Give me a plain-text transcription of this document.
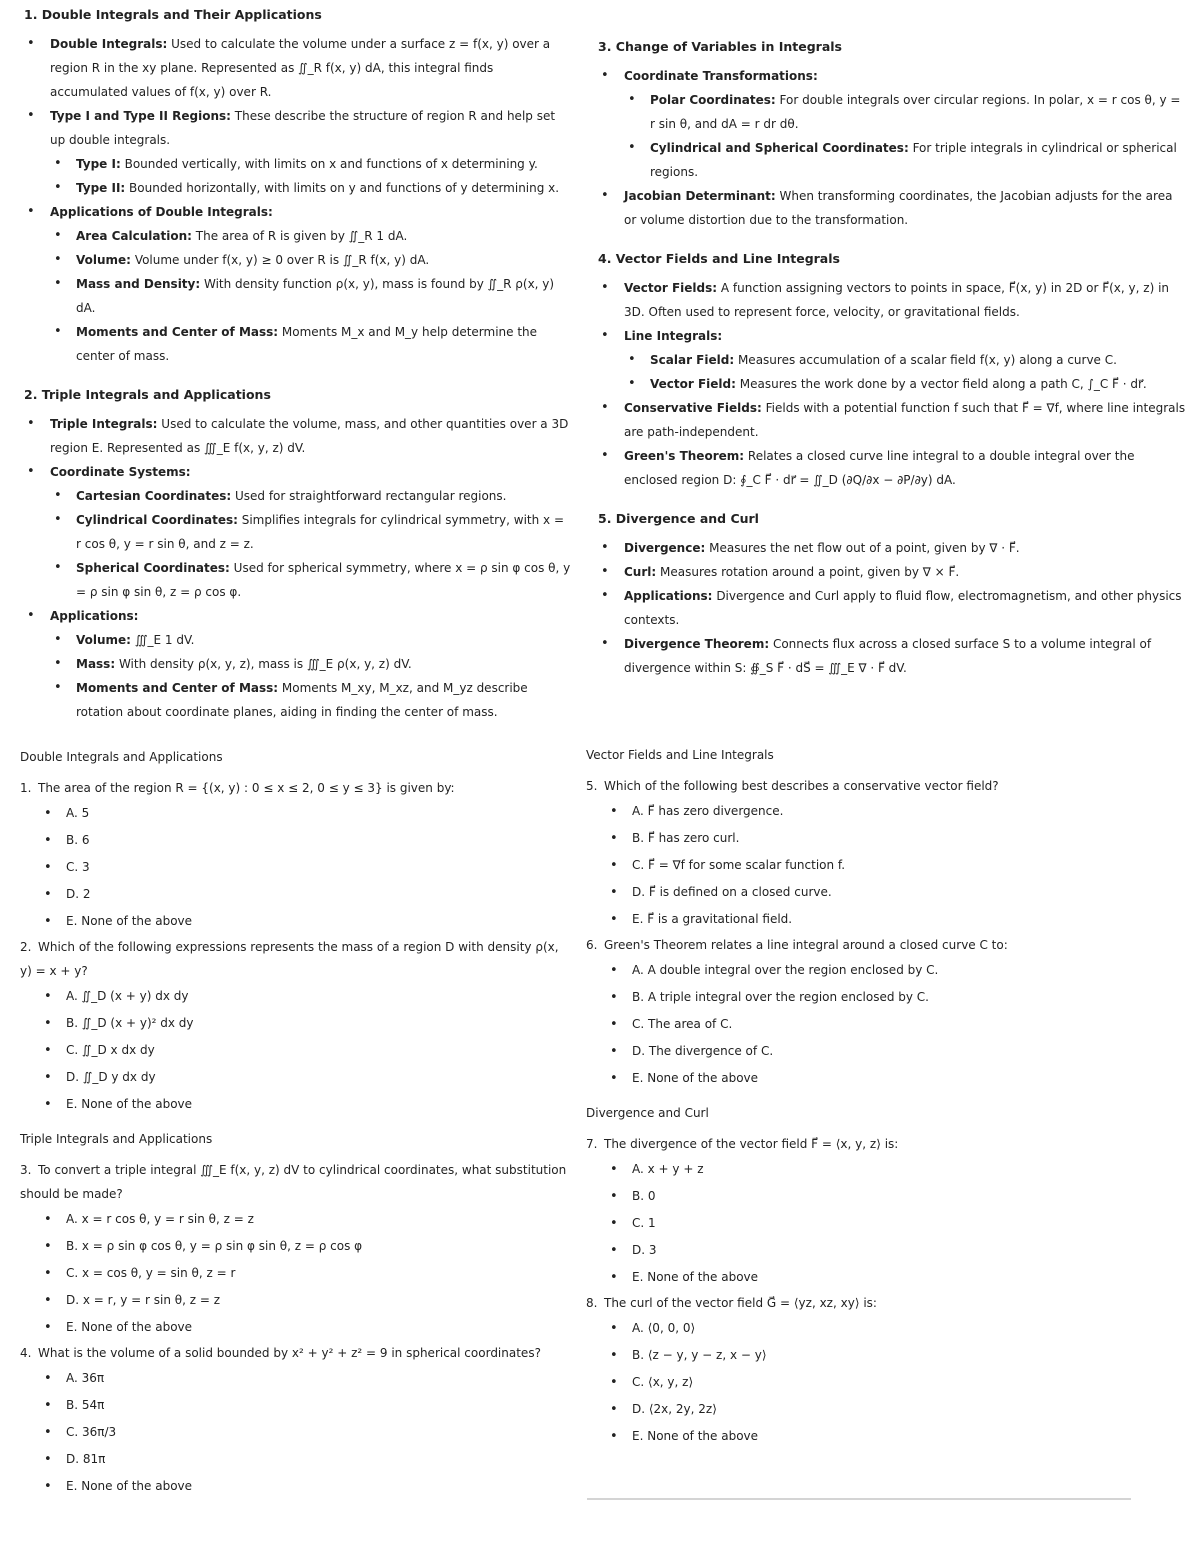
1. Double Integrals and Their Applications
• Double Integrals: Used to calculate the volume under a surface z = f(x, y) over a region R in the xy plane. Represented as ∬_R f(x, y) dA, this integral finds accumulated values of f(x, y) over R.
• Type I and Type II Regions: These describe the structure of region R and help set up double integrals.
• Type I: Bounded vertically, with limits on x and functions of x determining y.
• Type II: Bounded horizontally, with limits on y and functions of y determining x.
• Applications of Double Integrals:
• Area Calculation: The area of R is given by ∬_R 1 dA.
• Volume: Volume under f(x, y) ≥ 0 over R is ∬_R f(x, y) dA.
• Mass and Density: With density function ρ(x, y), mass is found by ∬_R ρ(x, y) dA.
• Moments and Center of Mass: Moments M_x and M_y help determine the center of mass.
2. Triple Integrals and Applications
• Triple Integrals: Used to calculate the volume, mass, and other quantities over a 3D region E. Represented as ∭_E f(x, y, z) dV.
• Coordinate Systems:
• Cartesian Coordinates: Used for straightforward rectangular regions.
• Cylindrical Coordinates: Simplifies integrals for cylindrical symmetry, with x = r cos θ, y = r sin θ, and z = z.
• Spherical Coordinates: Used for spherical symmetry, where x = ρ sin φ cos θ, y = ρ sin φ sin θ, z = ρ cos φ.
• Applications:
• Volume: ∭_E 1 dV.
• Mass: With density ρ(x, y, z), mass is ∭_E ρ(x, y, z) dV.
• Moments and Center of Mass: Moments M_xy, M_xz, and M_yz describe rotation about coordinate planes, aiding in finding the center of mass.
3. Change of Variables in Integrals
• Coordinate Transformations:
• Polar Coordinates: For double integrals over circular regions. In polar, x = r cos θ, y = r sin θ, and dA = r dr dθ.
• Cylindrical and Spherical Coordinates: For triple integrals in cylindrical or spherical regions.
• Jacobian Determinant: When transforming coordinates, the Jacobian adjusts for the area or volume distortion due to the transformation.
4. Vector Fields and Line Integrals
• Vector Fields: A function assigning vectors to points in space, F⃗(x, y) in 2D or F⃗(x, y, z) in 3D. Often used to represent force, velocity, or gravitational fields.
• Line Integrals:
• Scalar Field: Measures accumulation of a scalar field f(x, y) along a curve C.
• Vector Field: Measures the work done by a vector field along a path C, ∫_C F⃗ · dr⃗.
• Conservative Fields: Fields with a potential function f such that F⃗ = ∇f, where line integrals are path-independent.
• Green's Theorem: Relates a closed curve line integral to a double integral over the enclosed region D: ∮_C F⃗ · dr⃗ = ∬_D (∂Q/∂x − ∂P/∂y) dA.
5. Divergence and Curl
• Divergence: Measures the net flow out of a point, given by ∇ · F⃗.
• Curl: Measures rotation around a point, given by ∇ × F⃗.
• Applications: Divergence and Curl apply to fluid flow, electromagnetism, and other physics contexts.
• Divergence Theorem: Connects flux across a closed surface S to a volume integral of divergence within S: ∯_S F⃗ · dS⃗ = ∭_E ∇ · F⃗ dV.
Double Integrals and Applications
1. The area of the region R = {(x, y) : 0 ≤ x ≤ 2, 0 ≤ y ≤ 3} is given by:
• A. 5
• B. 6
• C. 3
• D. 2
• E. None of the above
2. Which of the following expressions represents the mass of a region D with density ρ(x, y) = x + y?
• A. ∬_D (x + y) dx dy
• B. ∬_D (x + y)² dx dy
• C. ∬_D x dx dy
• D. ∬_D y dx dy
• E. None of the above
Triple Integrals and Applications
3. To convert a triple integral ∭_E f(x, y, z) dV to cylindrical coordinates, what substitution should be made?
• A. x = r cos θ, y = r sin θ, z = z
• B. x = ρ sin φ cos θ, y = ρ sin φ sin θ, z = ρ cos φ
• C. x = cos θ, y = sin θ, z = r
• D. x = r, y = r sin θ, z = z
• E. None of the above
4. What is the volume of a solid bounded by x² + y² + z² = 9 in spherical coordinates?
• A. 36π
• B. 54π
• C. 36π/3
• D. 81π
• E. None of the above
Vector Fields and Line Integrals
5. Which of the following best describes a conservative vector field?
• A. F⃗ has zero divergence.
• B. F⃗ has zero curl.
• C. F⃗ = ∇f for some scalar function f.
• D. F⃗ is defined on a closed curve.
• E. F⃗ is a gravitational field.
6. Green's Theorem relates a line integral around a closed curve C to:
• A. A double integral over the region enclosed by C.
• B. A triple integral over the region enclosed by C.
• C. The area of C.
• D. The divergence of C.
• E. None of the above
Divergence and Curl
7. The divergence of the vector field F⃗ = ⟨x, y, z⟩ is:
• A. x + y + z
• B. 0
• C. 1
• D. 3
• E. None of the above
8. The curl of the vector field G⃗ = ⟨yz, xz, xy⟩ is:
• A. ⟨0, 0, 0⟩
• B. ⟨z − y, y − z, x − y⟩
• C. ⟨x, y, z⟩
• D. ⟨2x, 2y, 2z⟩
• E. None of the above
